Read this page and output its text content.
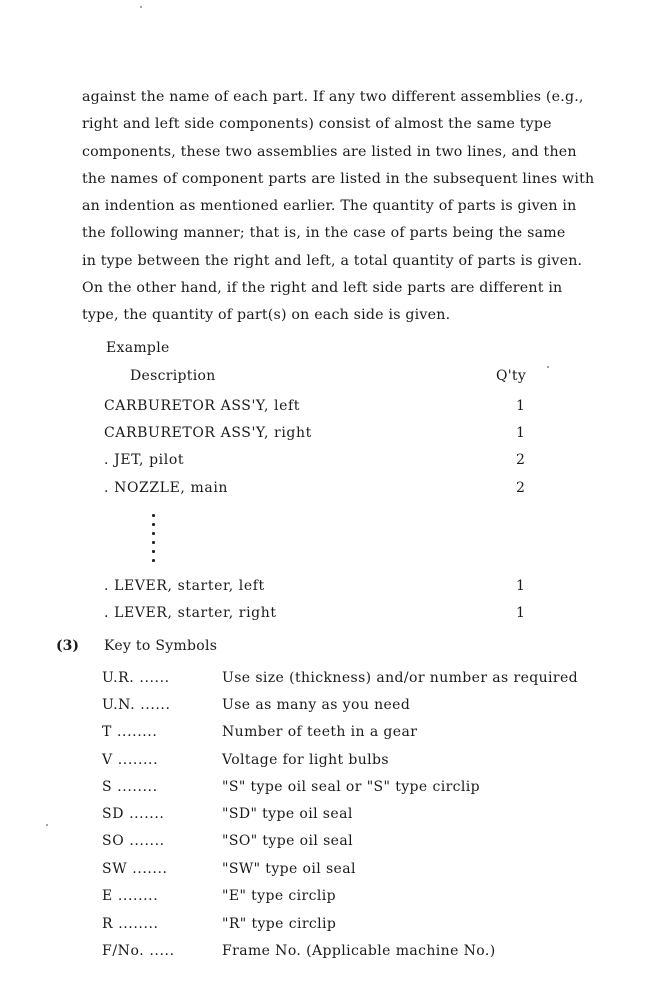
against the name of each part. If any two different assemblies (e.g.,
right and left side components) consist of almost the same type
components, these two assemblies are listed in two lines, and then
the names of component parts are listed in the subsequent lines with
an indention as mentioned earlier. The quantity of parts is given in
the following manner; that is, in the case of parts being the same
in type between the right and left, a total quantity of parts is given.
On the other hand, if the right and left side parts are different in
type, the quantity of part(s) on each side is given.
Example
Description	Q'ty
CARBURETOR ASS'Y, left	1
CARBURETOR ASS'Y, right	1
. JET, pilot	2
. NOZZLE, main	2
. LEVER, starter, left	1
. LEVER, starter, right	1
(3) Key to Symbols
U.R. ......	Use size (thickness) and/or number as required
U.N. ......	Use as many as you need
T ........	Number of teeth in a gear
V ........	Voltage for light bulbs
S ........	"S" type oil seal or "S" type circlip
SD .......	"SD" type oil seal
SO .......	"SO" type oil seal
SW .......	"SW" type oil seal
E ........	"E" type circlip
R ........	"R" type circlip
F/No. .....	Frame No. (Applicable machine No.)
